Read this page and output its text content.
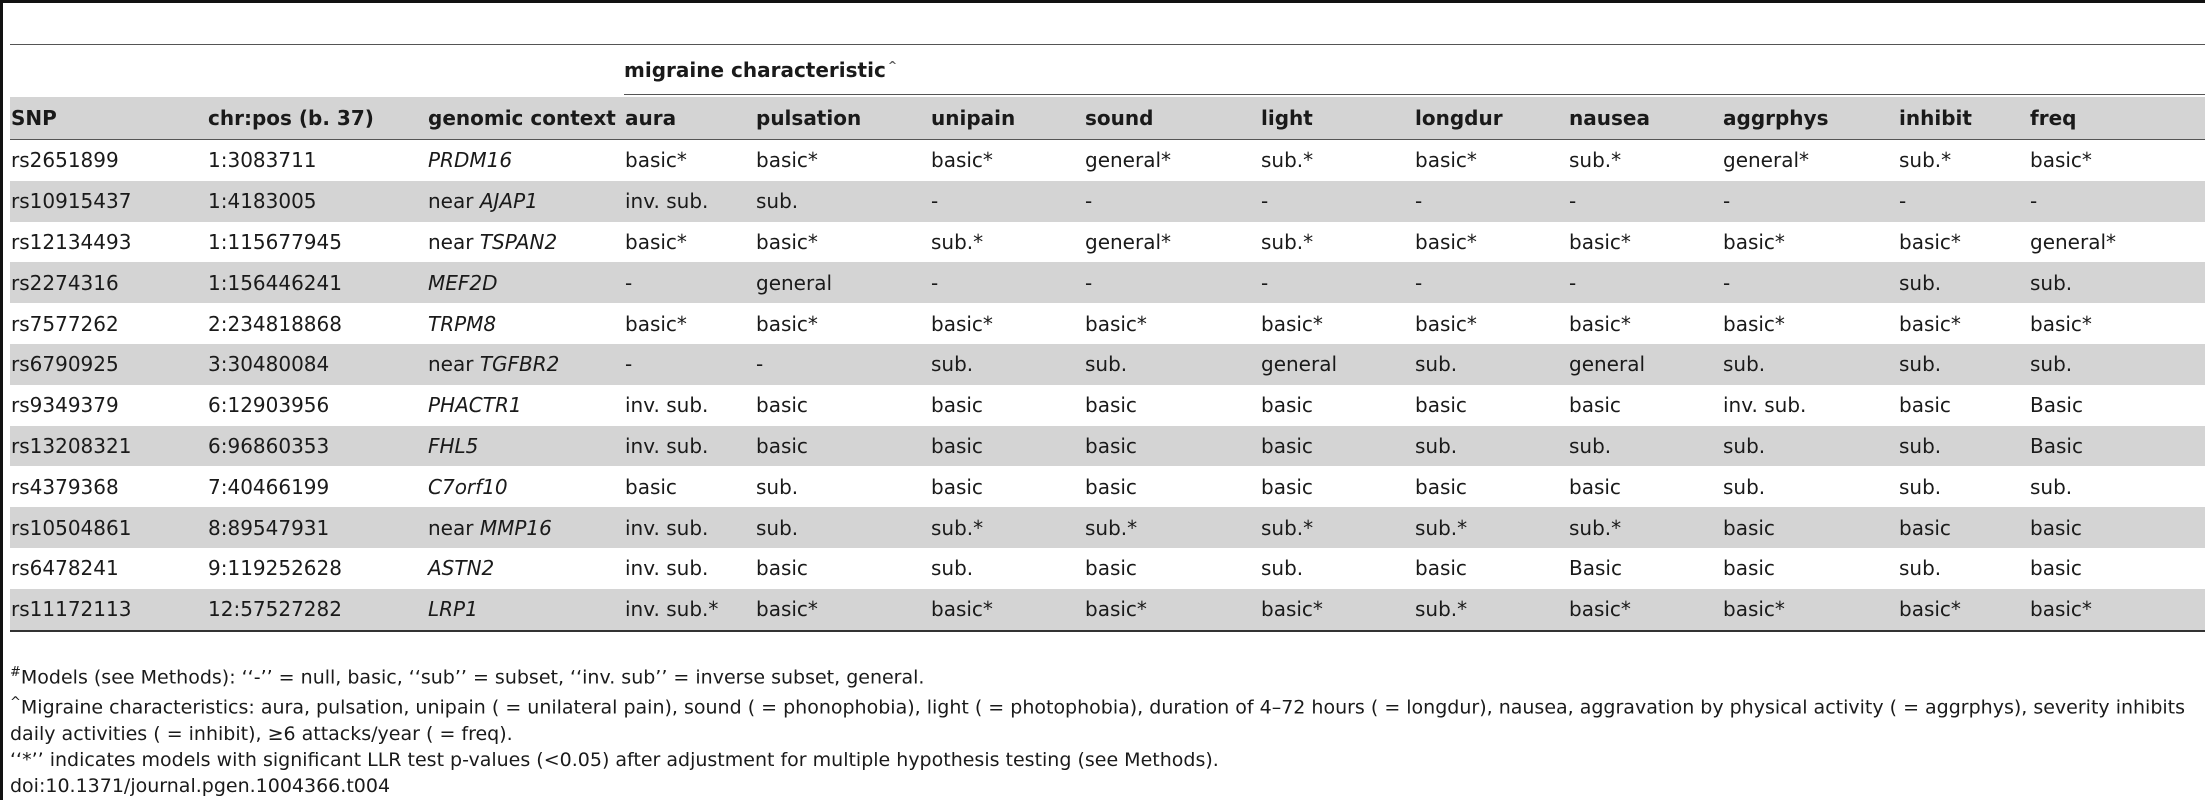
			migraine characteristic ^

SNP	chr:pos (b. 37)	genomic context	aura	pulsation	unipain	sound	light	longdur	nausea	aggrphys	inhibit	freq
rs2651899	1:3083711	PRDM16	basic*	basic*	basic*	general*	sub.*	basic*	sub.*	general*	sub.*	basic*
rs10915437	1:4183005	near AJAP1	inv. sub.	sub.	-	-	-	-	-	-	-	-
rs12134493	1:115677945	near TSPAN2	basic*	basic*	sub.*	general*	sub.*	basic*	basic*	basic*	basic*	general*
rs2274316	1:156446241	MEF2D	-	general	-	-	-	-	-	-	sub.	sub.
rs7577262	2:234818868	TRPM8	basic*	basic*	basic*	basic*	basic*	basic*	basic*	basic*	basic*	basic*
rs6790925	3:30480084	near TGFBR2	-	-	sub.	sub.	general	sub.	general	sub.	sub.	sub.
rs9349379	6:12903956	PHACTR1	inv. sub.	basic	basic	basic	basic	basic	basic	inv. sub.	basic	Basic
rs13208321	6:96860353	FHL5	inv. sub.	basic	basic	basic	basic	sub.	sub.	sub.	sub.	Basic
rs4379368	7:40466199	C7orf10	basic	sub.	basic	basic	basic	basic	basic	sub.	sub.	sub.
rs10504861	8:89547931	near MMP16	inv. sub.	sub.	sub.*	sub.*	sub.*	sub.*	sub.*	basic	basic	basic
rs6478241	9:119252628	ASTN2	inv. sub.	basic	sub.	basic	sub.	basic	Basic	basic	sub.	basic
rs11172113	12:57527282	LRP1	inv. sub.*	basic*	basic*	basic*	basic*	sub.*	basic*	basic*	basic*	basic*

#Models (see Methods): ‘‘-’’ = null, basic, ‘‘sub’’ = subset, ‘‘inv. sub’’ = inverse subset, general.

^Migraine characteristics: aura, pulsation, unipain ( = unilateral pain), sound ( = phonophobia), light ( = photophobia), duration of 4–72 hours ( = longdur), nausea, aggravation by physical activity ( = aggrphys), severity inhibits daily activities ( = inhibit), ≥6 attacks/year ( = freq).

‘‘*’’ indicates models with significant LLR test p-values (<0.05) after adjustment for multiple hypothesis testing (see Methods).

doi:10.1371/journal.pgen.1004366.t004
